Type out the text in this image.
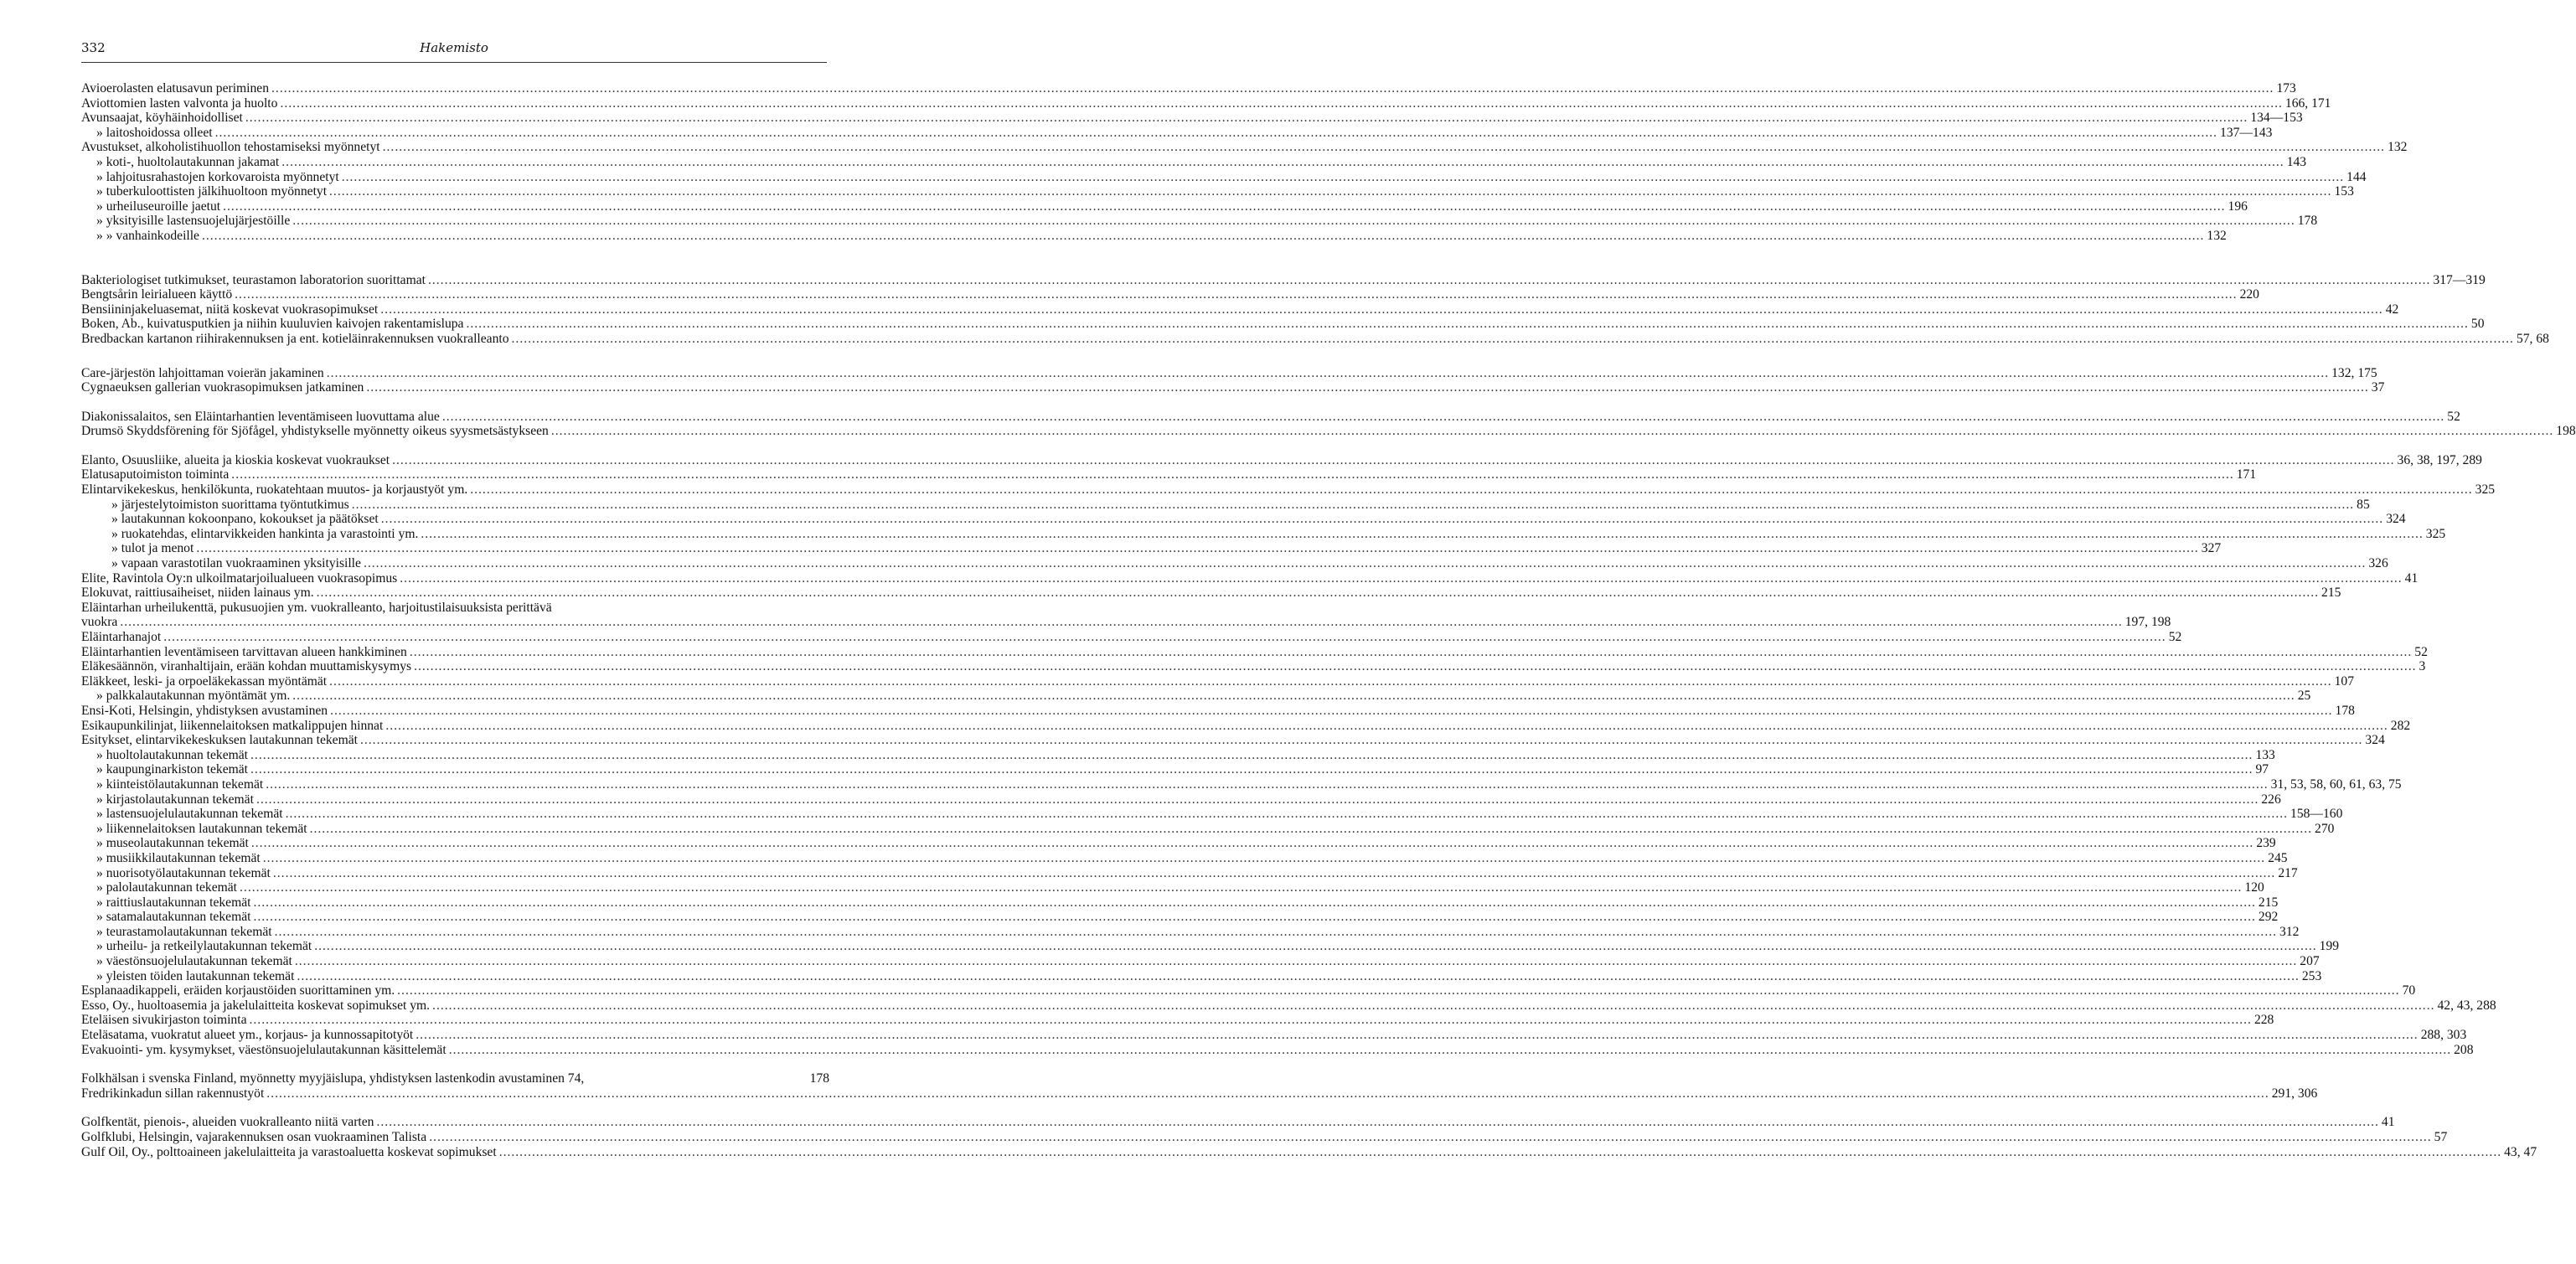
332	Hakemisto
Avioerolasten elatusavun periminen .....	173
Aviottomien lasten valvonta ja huolto .....	166, 171
Avunsaajat, köyhäinhoidolliset .....	134—153
» laitoshoidossa olleet .....	137—143
Avustukset, alkoholistihuollon tehostamiseksi myönnetyt .....	132
» koti-, huoltolautakunnan jakamat .....	143
» lahjoitusrahastojen korkovaroista myönnetyt .....	144
» tuberkuloottisten jälkihuoltoon myönnetyt .....	153
» urheiluseuroille jaetut .....	196
» yksityisille lastensuojelujärjestöille .....	178
» » vanhainkodeille .....	132
Bakteriologiset tutkimukset, teurastamon laboratorion suorittamat .....	317—319
Bengtsårin leirialueen käyttö .....	220
Bensiininjakeluasemat, niitä koskevat vuokrasopimukset .....	42
Boken, Ab., kuivatusputkien ja niihin kuuluvien kaivojen rakentamislupa .....	50
Bredbackan kartanon riihirakennuksen ja ent. kotieläinrakennuksen vuokralleanto .....	57, 68
Care-järjestön lahjoittaman voierän jakaminen .....	132, 175
Cygnaeuksen gallerian vuokrasopimuksen jatkaminen .....	37
Diakonissalaitos, sen Eläintarhantien leventämiseen luovuttama alue .....	52
Drumsö Skyddsförening för Sjöfågel, yhdistykselle myönnetty oikeus syysmetsästykseen .....	198
Elanto, Osuusliike, alueita ja kioskia koskevat vuokraukset .....	36, 38, 197, 289
Elatusaputoimiston toiminta .....	171
Elintarvikekeskus, henkilökunta, ruokatehtaan muutos- ja korjaustyöt ym. .....	325
» järjestelytoimiston suorittama työntutkimus .....	85
» lautakunnan kokoonpano, kokoukset ja päätökset .....	324
» ruokatehdas, elintarvikkeiden hankinta ja varastointi ym. .....	325
» tulot ja menot .....	327
» vapaan varastotilan vuokraaminen yksityisille .....	326
Elite, Ravintola Oy:n ulkoilmatarjoilualueen vuokrasopimus .....	41
Elokuvat, raittiusaiheiset, niiden lainaus ym. .....	215
Eläintarhan urheilukenttä, pukusuojien ym. vuokralleanto, harjoitustilaisuuksista perittävä
vuokra .....	197, 198
Eläintarhanajot .....	52
Eläintarhantien leventämiseen tarvittavan alueen hankkiminen .....	52
Eläkesäännön, viranhaltijain, erään kohdan muuttamiskysymys .....	3
Eläkkeet, leski- ja orpoeläkekassan myöntämät .....	107
» palkkalautakunnan myöntämät ym. .....	25
Ensi-Koti, Helsingin, yhdistyksen avustaminen .....	178
Esikaupunkilinjat, liikennelaitoksen matkalippujen hinnat .....	282
Esitykset, elintarvikekeskuksen lautakunnan tekemät .....	324
» huoltolautakunnan tekemät .....	133
» kaupunginarkiston tekemät .....	97
» kiinteistölautakunnan tekemät .....	31, 53, 58, 60, 61, 63, 75
» kirjastolautakunnan tekemät .....	226
» lastensuojelulautakunnan tekemät .....	158—160
» liikennelaitoksen lautakunnan tekemät .....	270
» museolautakunnan tekemät .....	239
» musiikkilautakunnan tekemät .....	245
» nuorisotyölautakunnan tekemät .....	217
» palolautakunnan tekemät .....	120
» raittiuslautakunnan tekemät .....	215
» satamalautakunnan tekemät .....	292
» teurastamolautakunnan tekemät .....	312
» urheilu- ja retkeilylautakunnan tekemät .....	199
» väestönsuojelulautakunnan tekemät .....	207
» yleisten töiden lautakunnan tekemät .....	253
Esplanaadikappeli, eräiden korjaustöiden suorittaminen ym. .....	70
Esso, Oy., huoltoasemia ja jakelulaitteita koskevat sopimukset ym. .....	42, 43, 288
Eteläisen sivukirjaston toiminta .....	228
Eteläsatama, vuokratut alueet ym., korjaus- ja kunnossapitotyöt .....	288, 303
Evakuointi- ym. kysymykset, väestönsuojelulautakunnan käsittelemät .....	208
Folkhälsan i svenska Finland, myönnetty myyjäislupa, yhdistyksen lastenkodin avustaminen 74,	178
Fredrikinkadun sillan rakennustyöt .....	291, 306
Golfkentät, pienois-, alueiden vuokralleanto niitä varten .....	41
Golfklubi, Helsingin, vajarakennuksen osan vuokraaminen Talista .....	57
Gulf Oil, Oy., polttoaineen jakelulaitteita ja varastoaluetta koskevat sopimukset .....	43, 47
